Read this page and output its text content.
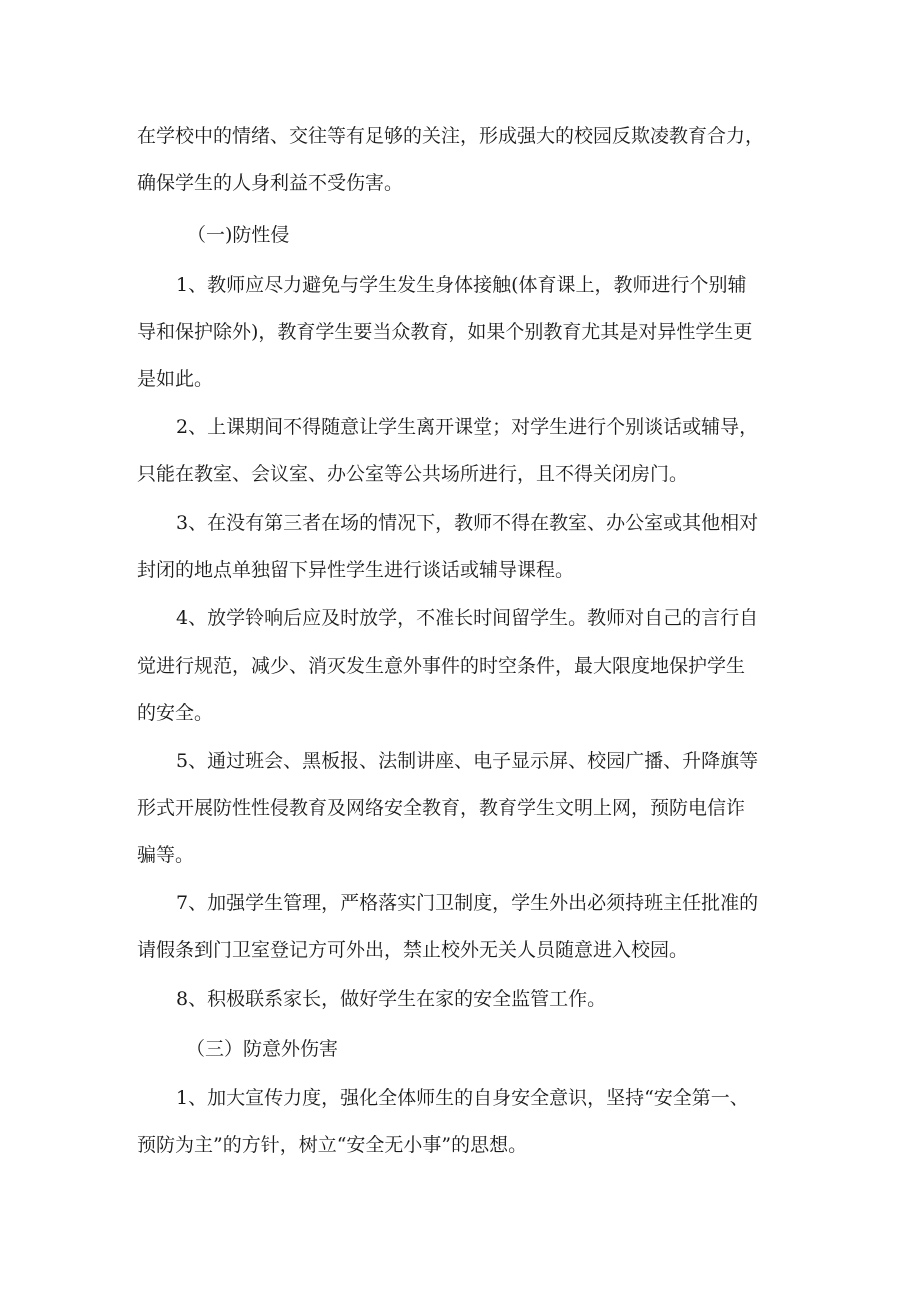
在学校中的情绪、交往等有足够的关注，形成强大的校园反欺凌教育合力，
确保学生的人身利益不受伤害。
（一)防性侵
1、教师应尽力避免与学生发生身体接触(体育课上，教师进行个别辅
导和保护除外)，教育学生要当众教育，如果个别教育尤其是对异性学生更
是如此。
2、上课期间不得随意让学生离开课堂；对学生进行个别谈话或辅导，
只能在教室、会议室、办公室等公共场所进行，且不得关闭房门。
3、在没有第三者在场的情况下，教师不得在教室、办公室或其他相对
封闭的地点单独留下异性学生进行谈话或辅导课程。
4、放学铃响后应及时放学，不准长时间留学生。教师对自己的言行自
觉进行规范，减少、消灭发生意外事件的时空条件，最大限度地保护学生
的安全。
5、通过班会、黑板报、法制讲座、电子显示屏、校园广播、升降旗等
形式开展防性性侵教育及网络安全教育，教育学生文明上网，预防电信诈
骗等。
7、加强学生管理，严格落实门卫制度，学生外出必须持班主任批准的
请假条到门卫室登记方可外出，禁止校外无关人员随意进入校园。
8、积极联系家长，做好学生在家的安全监管工作。
（三）防意外伤害
1、加大宣传力度，强化全体师生的自身安全意识，坚持“安全第一、
预防为主”的方针，树立“安全无小事”的思想。
